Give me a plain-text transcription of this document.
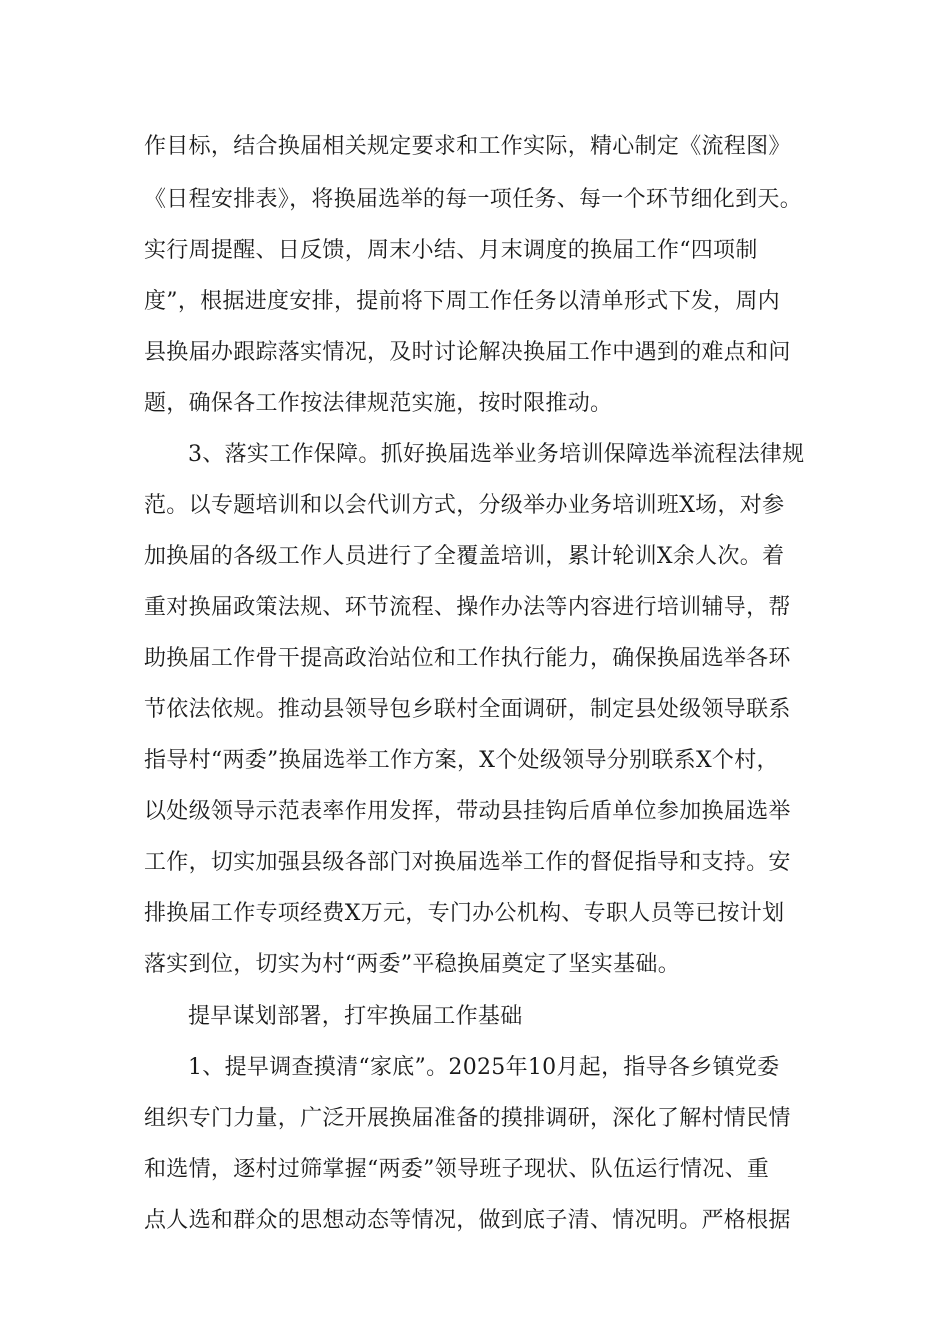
作目标，结合换届相关规定要求和工作实际，精心制定《流程图》
《日程安排表》，将换届选举的每一项任务、每一个环节细化到天。
实行周提醒、日反馈，周末小结、月末调度的换届工作“四项制
度”，根据进度安排，提前将下周工作任务以清单形式下发，周内
县换届办跟踪落实情况，及时讨论解决换届工作中遇到的难点和问
题，确保各工作按法律规范实施，按时限推动。
3、落实工作保障。抓好换届选举业务培训保障选举流程法律规
范。以专题培训和以会代训方式，分级举办业务培训班X场，对参
加换届的各级工作人员进行了全覆盖培训，累计轮训X余人次。着
重对换届政策法规、环节流程、操作办法等内容进行培训辅导，帮
助换届工作骨干提高政治站位和工作执行能力，确保换届选举各环
节依法依规。推动县领导包乡联村全面调研，制定县处级领导联系
指导村“两委”换届选举工作方案，X个处级领导分别联系X个村，
以处级领导示范表率作用发挥，带动县挂钩后盾单位参加换届选举
工作，切实加强县级各部门对换届选举工作的督促指导和支持。安
排换届工作专项经费X万元，专门办公机构、专职人员等已按计划
落实到位，切实为村“两委”平稳换届奠定了坚实基础。
提早谋划部署，打牢换届工作基础
1、提早调查摸清“家底”。2025年10月起，指导各乡镇党委
组织专门力量，广泛开展换届准备的摸排调研，深化了解村情民情
和选情，逐村过筛掌握“两委”领导班子现状、队伍运行情况、重
点人选和群众的思想动态等情况，做到底子清、情况明。严格根据
